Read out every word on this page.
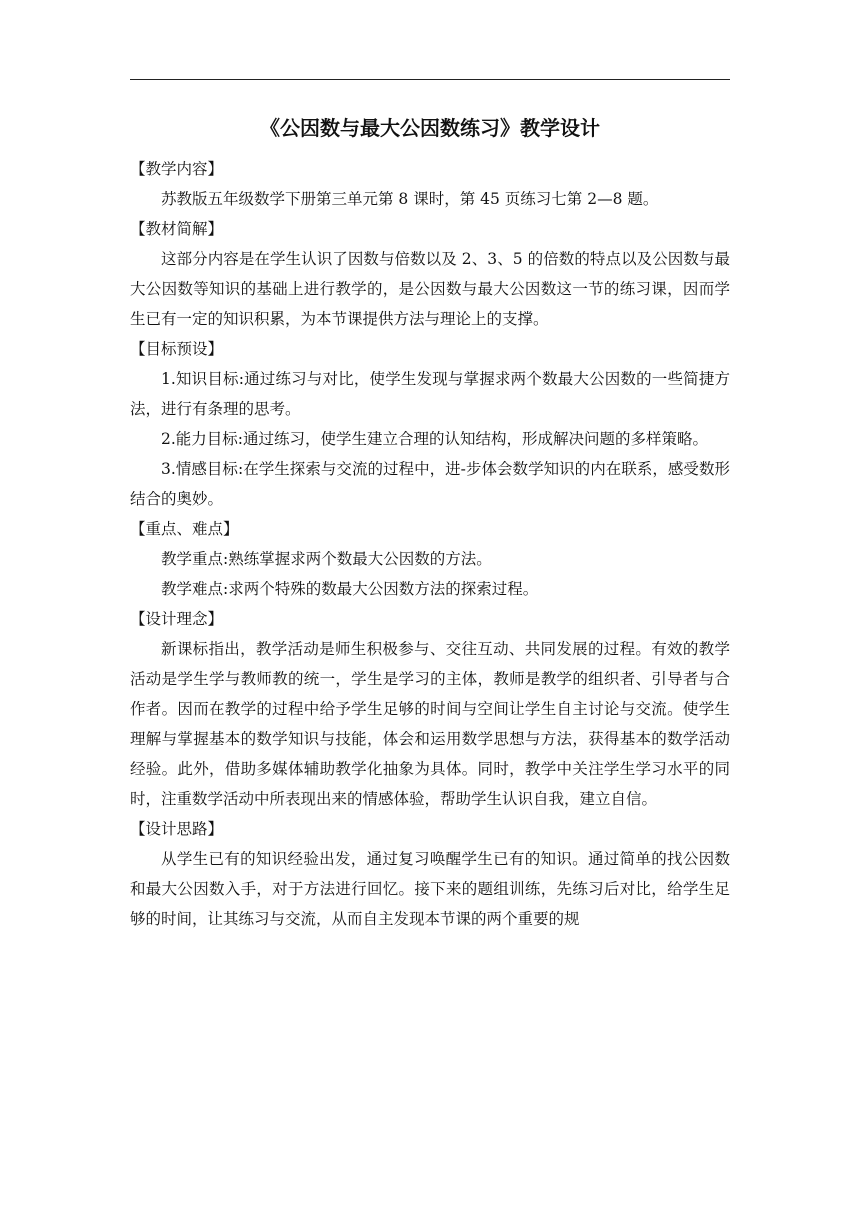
《公因数与最大公因数练习》教学设计

【教学内容】

苏教版五年级数学下册第三单元第 8 课时，第 45 页练习七第 2—8 题。

【教材简解】

这部分内容是在学生认识了因数与倍数以及 2、3、5 的倍数的特点以及公因数与最大公因数等知识的基础上进行教学的，是公因数与最大公因数这一节的练习课，因而学生已有一定的知识积累，为本节课提供方法与理论上的支撑。

【目标预设】

1.知识目标:通过练习与对比，使学生发现与掌握求两个数最大公因数的一些简捷方法，进行有条理的思考。

2.能力目标:通过练习，使学生建立合理的认知结构，形成解决问题的多样策略。

3.情感目标:在学生探索与交流的过程中，进-步体会数学知识的内在联系，感受数形结合的奥妙。

【重点、难点】

教学重点:熟练掌握求两个数最大公因数的方法。

教学难点:求两个特殊的数最大公因数方法的探索过程。

【设计理念】

新课标指出，教学活动是师生积极参与、交往互动、共同发展的过程。有效的教学活动是学生学与教师教的统一，学生是学习的主体，教师是教学的组织者、引导者与合作者。因而在教学的过程中给予学生足够的时间与空间让学生自主讨论与交流。使学生理解与掌握基本的数学知识与技能，体会和运用数学思想与方法，获得基本的数学活动经验。此外，借助多媒体辅助教学化抽象为具体。同时，教学中关注学生学习水平的同时，注重数学活动中所表现出来的情感体验，帮助学生认识自我，建立自信。

【设计思路】

从学生已有的知识经验出发，通过复习唤醒学生已有的知识。通过简单的找公因数和最大公因数入手，对于方法进行回忆。接下来的题组训练，先练习后对比，给学生足够的时间，让其练习与交流，从而自主发现本节课的两个重要的规
